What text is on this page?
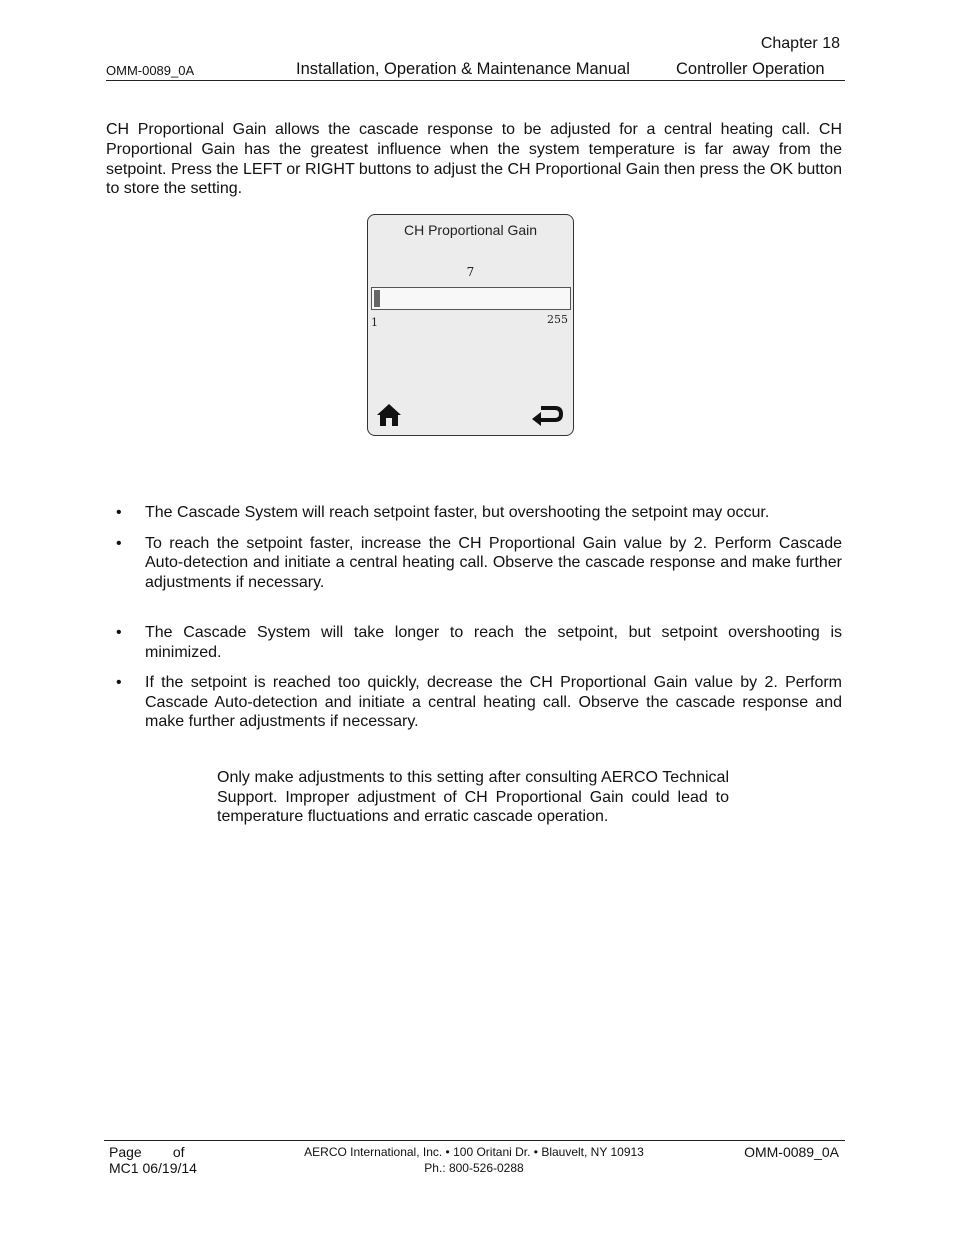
Chapter 18
OMM-0089_0A	Installation, Operation & Maintenance Manual	Controller Operation
CH Proportional Gain allows the cascade response to be adjusted for a central heating call. CH Proportional Gain has the greatest influence when the system temperature is far away from the setpoint. Press the LEFT or RIGHT buttons to adjust the CH Proportional Gain then press the OK button to store the setting.
CH Proportional Gain
7
1	255
• The Cascade System will reach setpoint faster, but overshooting the setpoint may occur.
• To reach the setpoint faster, increase the CH Proportional Gain value by 2. Perform Cascade Auto-detection and initiate a central heating call. Observe the cascade response and make further adjustments if necessary.
• The Cascade System will take longer to reach the setpoint, but setpoint overshooting is minimized.
• If the setpoint is reached too quickly, decrease the CH Proportional Gain value by 2. Perform Cascade Auto-detection and initiate a central heating call. Observe the cascade response and make further adjustments if necessary.
Only make adjustments to this setting after consulting AERCO Technical Support. Improper adjustment of CH Proportional Gain could lead to temperature fluctuations and erratic cascade operation.
Page        of
MC1 06/19/14
AERCO International, Inc. • 100 Oritani Dr. • Blauvelt, NY 10913
Ph.: 800-526-0288
OMM-0089_0A
